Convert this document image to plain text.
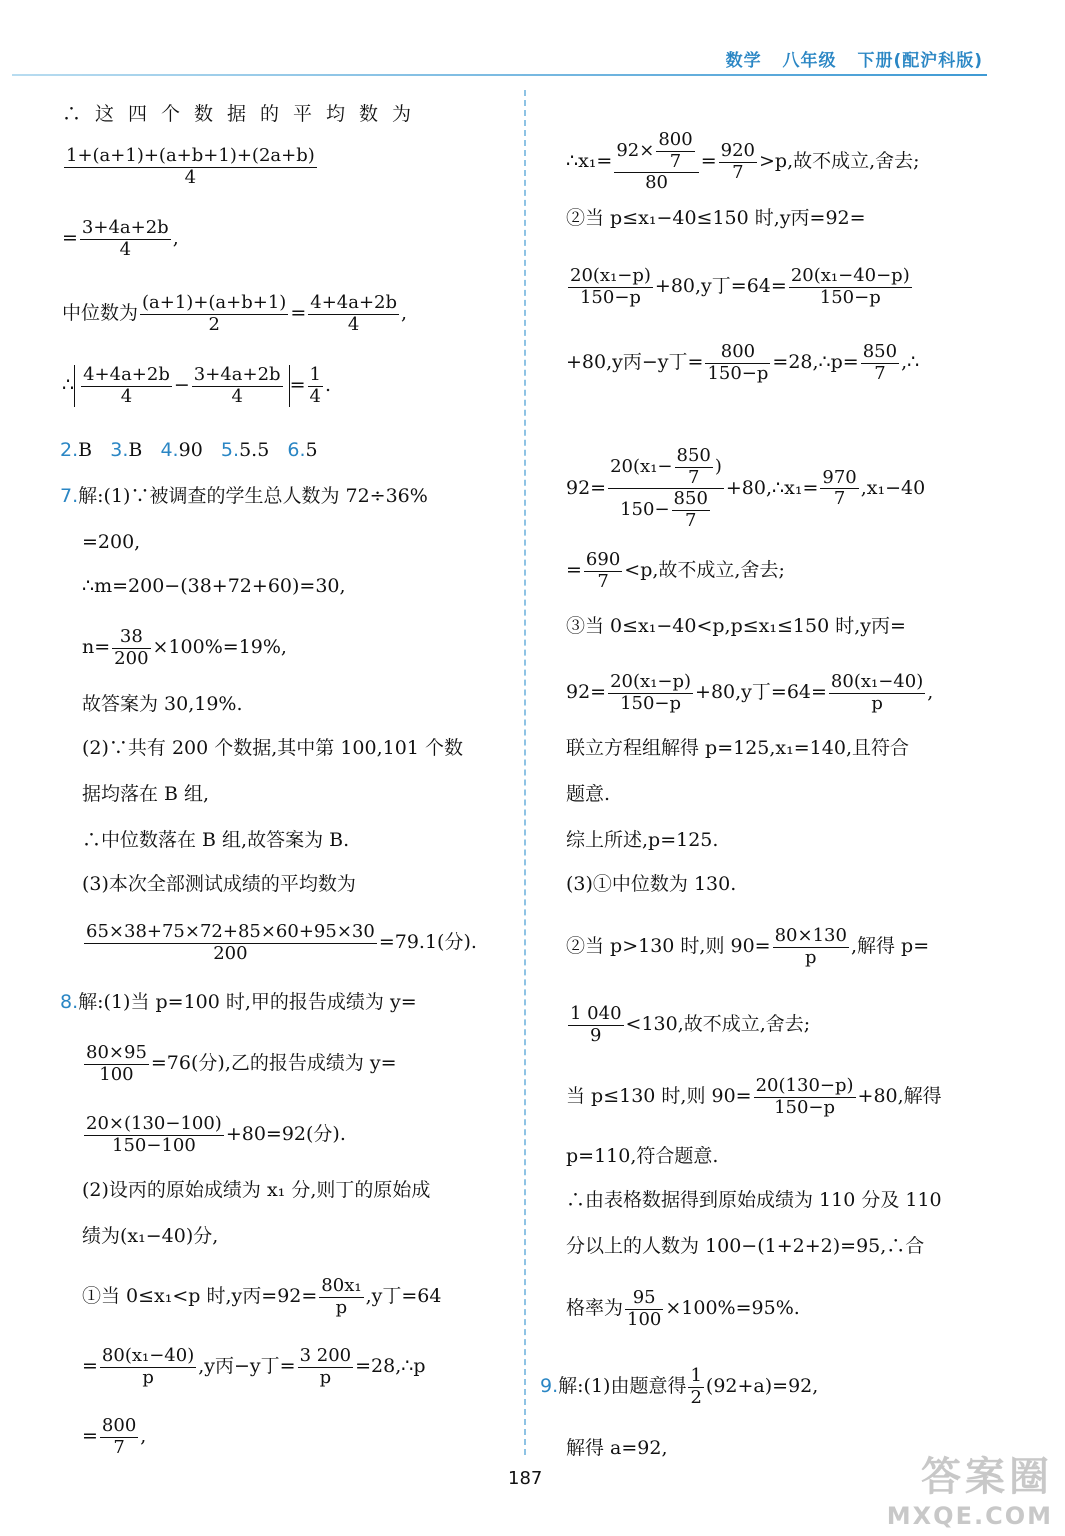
数学 八年级 下册(配沪科版)
∴这四个数据的平均数为
$\frac{1+(a+1)+(a+b+1)+(2a+b)}{4}$
= $\frac{3+4a+2b}{4}$ ,
中位数为 $\frac{(a+1)+(a+b+1)}{2} = \frac{4+4a+2b}{4}$ ,
∴ $\frac{4+4a+2b}{4} - \frac{3+4a+2b}{4} = \frac{1}{4}$ .
2.B 3.B 4.90 5.5.5 6.5
7.解:(1)∵被调查的学生总人数为 72÷36%
=200,
∴m=200−(38+72+60)=30,
$n= \frac{38}{200} \times 100\%=19\%$,
故答案为 30,19%.
(2)∵共有 200 个数据,其中第 100,101 个数
据均落在 B 组,
∴中位数落在 B 组,故答案为 B.
(3)本次全部测试成绩的平均数为
$\frac{65\times 38+75\times 72+85\times 60+95\times 30}{200} =79.1$(分).
8.解:(1)当 p=100 时,甲的报告成绩为 y=
$\frac{80\times 95}{100} =76$(分),乙的报告成绩为 y=
$\frac{20\times(130-100)}{150-100} +80=92$(分).
(2)设丙的原始成绩为 x₁ 分,则丁的原始成
绩为(x₁−40)分,
①当 0≤x₁<p 时,y丙$=92= \frac{\text{80x₁}}{p} ,y$丁=64
= $\frac{\text{80(x₁−40)}}{p} ,y$丙−y丁= $\frac{3 200}{p}$ =28,∴p
= $\frac{800}{7}$ ,
∴x₁= $\frac{92\times \frac{800}{7}}{80} = \frac{920}{7} >p$,故不成立,舍去;
②当 p≤x₁−40≤150 时,y丙=92=
$\frac{\text{20(x₁−p)}}{150-p} +80,y$丁$=64= \frac{\text{20(x₁−40−p)}}{150-p}$
+80,y丙−y丁= $\frac{800}{150-p}$ =28,∴p= $\frac{850}{7}$ ,∴
$92= \frac{20(x_1- \frac{850}{7} )}{150- \frac{850}{7}}$ +80,∴x₁= $\frac{970}{7} ,x_1-40$
= $\frac{690}{7} <p$,故不成立,舍去;
③当 0≤x₁−40<p,p≤x₁≤150 时,y丙=
$92= \frac{\text{20(x₁−p)}}{150-p} +80,y$丁$=64= \frac{\text{80(x₁−40)}}{p}$ ,
联立方程组解得 p=125,x₁=140,且符合
题意.
综上所述,p=125.
(3)①中位数为 130.
②当 p>130 时,则 $90= \frac{80\times 130}{p}$ ,解得 p=
$\frac{1 040}{9} <130$,故不成立,舍去;
当 p≤130 时,则 $90= \frac{20(130-p)}{150-p} +80$,解得
p=110,符合题意.
∴由表格数据得到原始成绩为 110 分及 110
分以上的人数为 100−(1+2+2)=95,∴合
格率为 $\frac{95}{100} \times 100\%=95\%$.
9.解:(1)由题意得 $\frac{1}{2} (92+a)=92$,
解得 a=92,
187	答案圈
MXQE.COM
